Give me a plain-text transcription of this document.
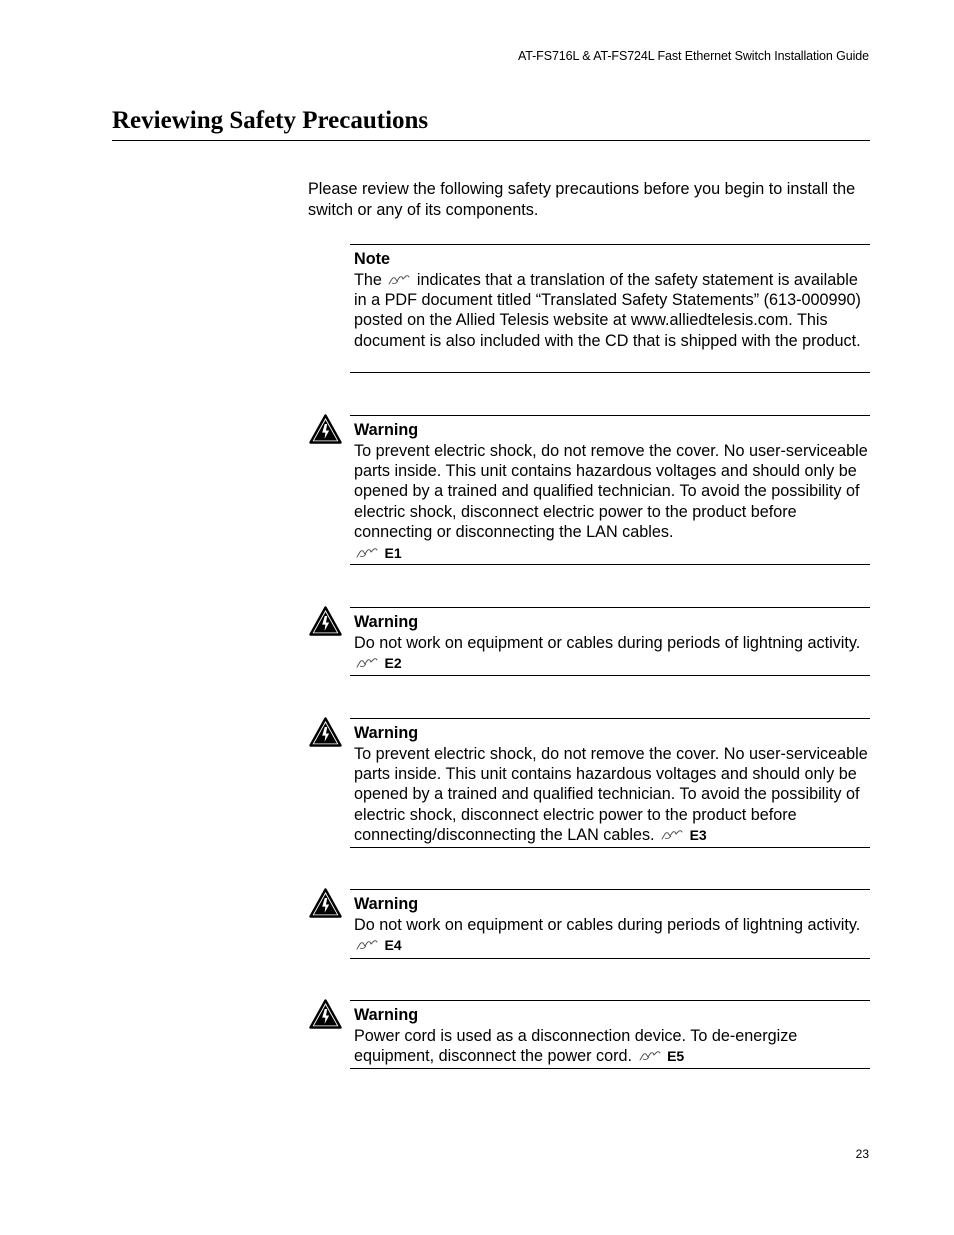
AT-FS716L & AT-FS724L Fast Ethernet Switch Installation Guide
Reviewing Safety Precautions

Please review the following safety precautions before you begin to install the switch or any of its components.

Note
The indicates that a translation of the safety statement is available in a PDF document titled “Translated Safety Statements” (613-000990) posted on the Allied Telesis website at www.alliedtelesis.com. This document is also included with the CD that is shipped with the product.
Warning
To prevent electric shock, do not remove the cover. No user-serviceable parts inside. This unit contains hazardous voltages and should only be opened by a trained and qualified technician. To avoid the possibility of electric shock, disconnect electric power to the product before connecting or disconnecting the LAN cables.
E1
Warning
Do not work on equipment or cables during periods of lightning activity.  E2
Warning
To prevent electric shock, do not remove the cover. No user-serviceable parts inside. This unit contains hazardous voltages and should only be opened by a trained and qualified technician. To avoid the possibility of electric shock, disconnect electric power to the product before connecting/disconnecting the LAN cables.	E3
Warning
Do not work on equipment or cables during periods of lightning activity.  E4
Warning
Power cord is used as a disconnection device. To de-energize equipment, disconnect the power cord.	E5
23
